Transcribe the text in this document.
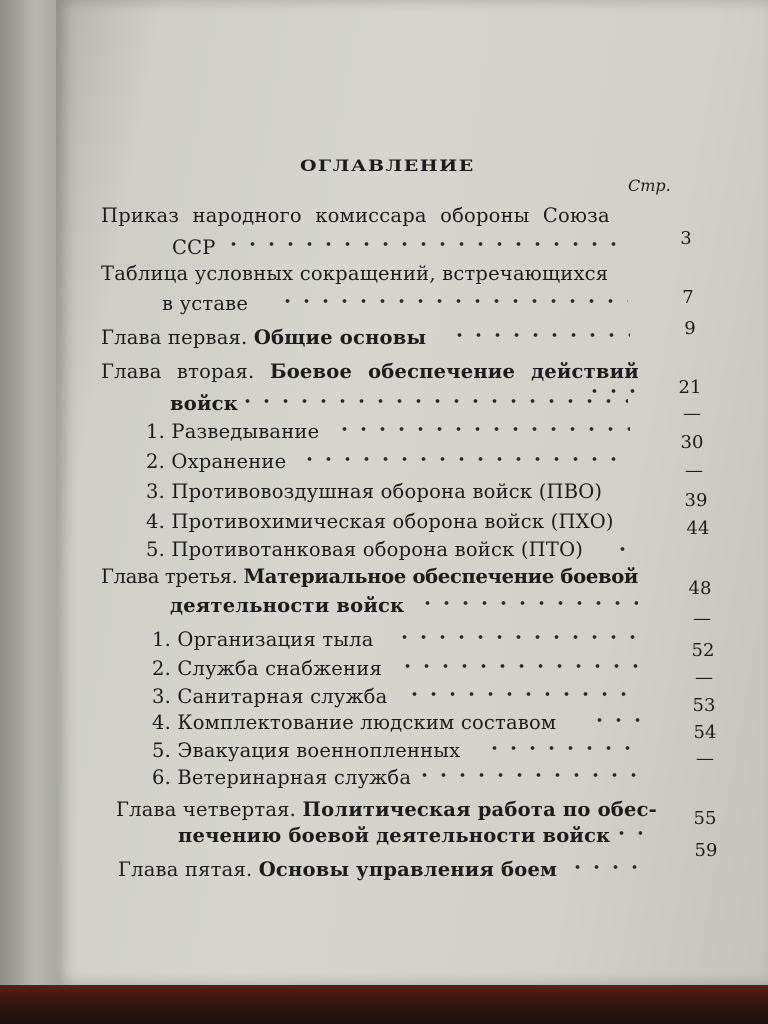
ОГЛАВЛЕНИЕ
Стр.
Приказ народного комиссара обороны Союза
ССР
Таблица условных сокращений, встречающихся
в уставе
Глава первая. Общие основы
Глава вторая. Боевое обеспечение действий
войск
1. Разведывание
2. Охранение
3. Противовоздушная оборона войск (ПВО)
4. Противохимическая оборона войск (ПХО)
5. Противотанковая оборона войск (ПТО)
Глава третья. Материальное обеспечение боевой
деятельности войск
1. Организация тыла
2. Служба снабжения
3. Санитарная служба
4. Комплектование людским составом
5. Эвакуация военнопленных
6. Ветеринарная служба
Глава четвертая. Политическая работа по обес-
печению боевой деятельности войск
Глава пятая. Основы управления боем
3
7
9
21
—
30
—
39
44
48
—
52
—
53
54
—
55
59
